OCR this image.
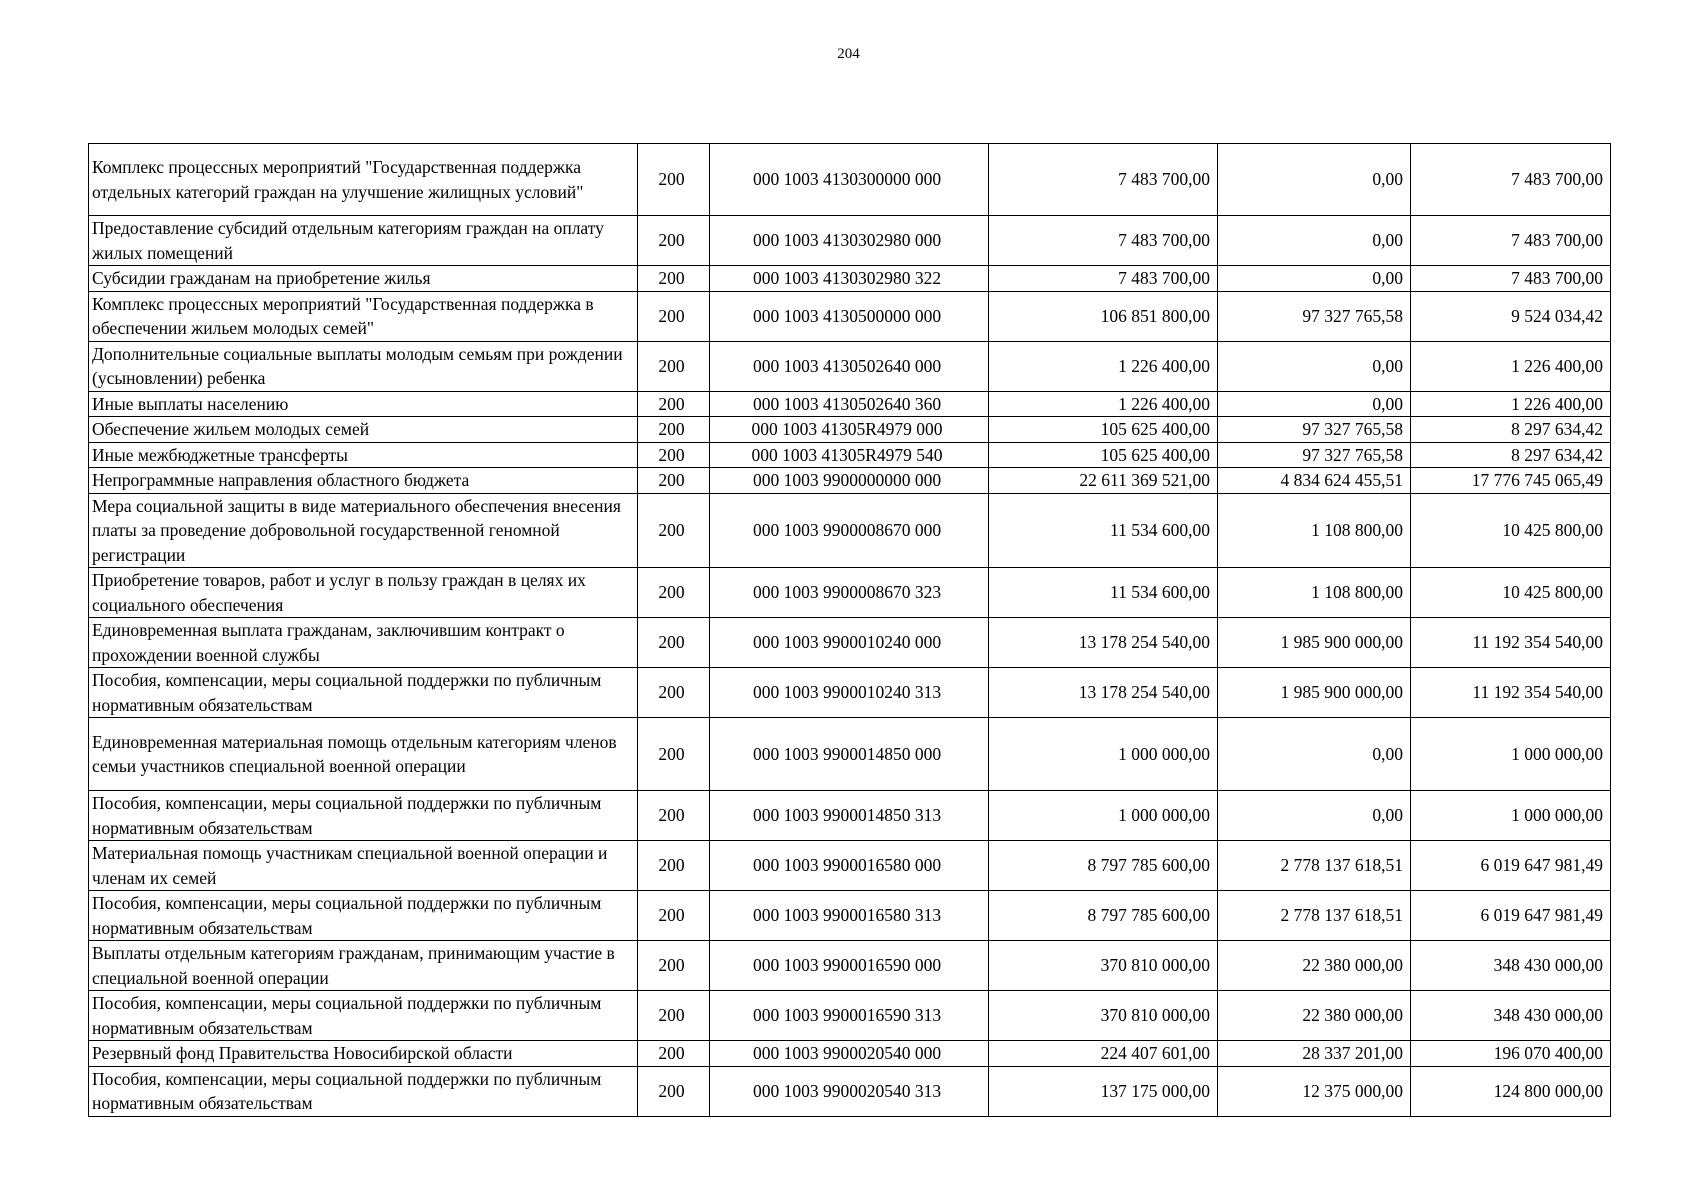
204
Комплекс процессных мероприятий "Государственная поддержка отдельных категорий граждан на улучшение жилищных условий"	200	000 1003 4130300000 000	7 483 700,00	0,00	7 483 700,00
Предоставление субсидий отдельным категориям граждан на оплату жилых помещений	200	000 1003 4130302980 000	7 483 700,00	0,00	7 483 700,00
Субсидии гражданам на приобретение жилья	200	000 1003 4130302980 322	7 483 700,00	0,00	7 483 700,00
Комплекс процессных мероприятий "Государственная поддержка в обеспечении жильем молодых семей"	200	000 1003 4130500000 000	106 851 800,00	97 327 765,58	9 524 034,42
Дополнительные социальные выплаты молодым семьям при рождении (усыновлении) ребенка	200	000 1003 4130502640 000	1 226 400,00	0,00	1 226 400,00
Иные выплаты населению	200	000 1003 4130502640 360	1 226 400,00	0,00	1 226 400,00
Обеспечение жильем молодых семей	200	000 1003 41305R4979 000	105 625 400,00	97 327 765,58	8 297 634,42
Иные межбюджетные трансферты	200	000 1003 41305R4979 540	105 625 400,00	97 327 765,58	8 297 634,42
Непрограммные направления областного бюджета	200	000 1003 9900000000 000	22 611 369 521,00	4 834 624 455,51	17 776 745 065,49
Мера социальной защиты в виде материального обеспечения внесения платы за проведение добровольной государственной геномной регистрации	200	000 1003 9900008670 000	11 534 600,00	1 108 800,00	10 425 800,00
Приобретение товаров, работ и услуг в пользу граждан в целях их социального обеспечения	200	000 1003 9900008670 323	11 534 600,00	1 108 800,00	10 425 800,00
Единовременная выплата гражданам, заключившим контракт о прохождении военной службы	200	000 1003 9900010240 000	13 178 254 540,00	1 985 900 000,00	11 192 354 540,00
Пособия, компенсации, меры социальной поддержки по публичным нормативным обязательствам	200	000 1003 9900010240 313	13 178 254 540,00	1 985 900 000,00	11 192 354 540,00
Единовременная материальная помощь отдельным категориям членов семьи участников специальной военной операции	200	000 1003 9900014850 000	1 000 000,00	0,00	1 000 000,00
Пособия, компенсации, меры социальной поддержки по публичным нормативным обязательствам	200	000 1003 9900014850 313	1 000 000,00	0,00	1 000 000,00
Материальная помощь участникам специальной военной операции и членам их семей	200	000 1003 9900016580 000	8 797 785 600,00	2 778 137 618,51	6 019 647 981,49
Пособия, компенсации, меры социальной поддержки по публичным нормативным обязательствам	200	000 1003 9900016580 313	8 797 785 600,00	2 778 137 618,51	6 019 647 981,49
Выплаты отдельным категориям гражданам, принимающим участие в специальной военной операции	200	000 1003 9900016590 000	370 810 000,00	22 380 000,00	348 430 000,00
Пособия, компенсации, меры социальной поддержки по публичным нормативным обязательствам	200	000 1003 9900016590 313	370 810 000,00	22 380 000,00	348 430 000,00
Резервный фонд Правительства Новосибирской области	200	000 1003 9900020540 000	224 407 601,00	28 337 201,00	196 070 400,00
Пособия, компенсации, меры социальной поддержки по публичным нормативным обязательствам	200	000 1003 9900020540 313	137 175 000,00	12 375 000,00	124 800 000,00
